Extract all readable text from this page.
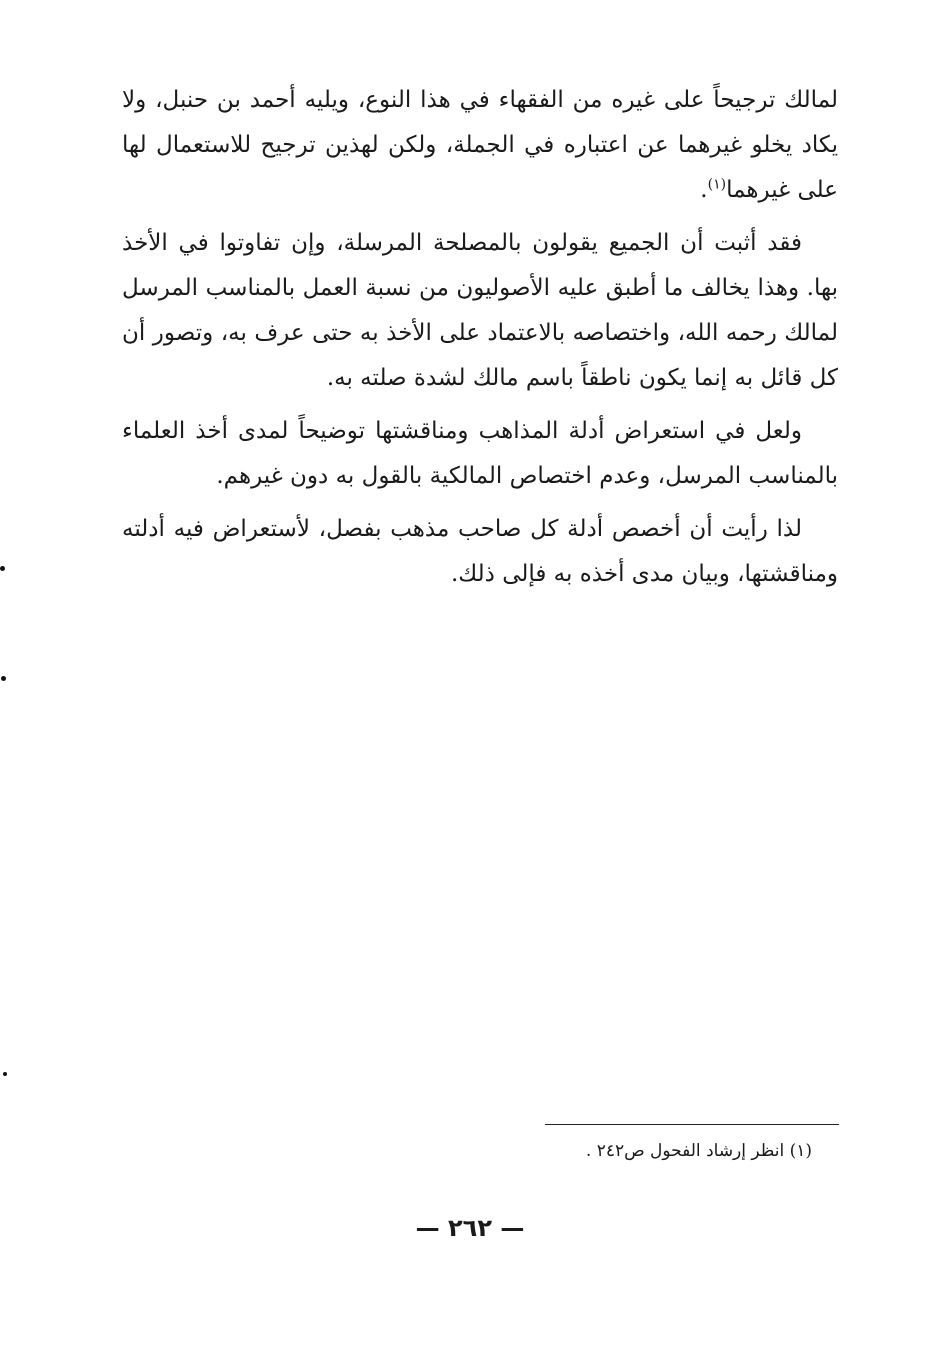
لمالك ترجيحاً على غيره من الفقهاء في هذا النوع، ويليه أحمد بن حنبل، ولا يكاد يخلو غيرهما عن اعتباره في الجملة، ولكن لهذين ترجيح للاستعمال لها على غيرهما$^{(١)}$.

فقد أثبت أن الجميع يقولون بالمصلحة المرسلة، وإن تفاوتوا في الأخذ بها. وهذا يخالف ما أطبق عليه الأصوليون من نسبة العمل بالمناسب المرسل لمالك رحمه الله، واختصاصه بالاعتماد على الأخذ به حتى عرف به، وتصور أن كل قائل به إنما يكون ناطقاً باسم مالك لشدة صلته به.

ولعل في استعراض أدلة المذاهب ومناقشتها توضيحاً لمدى أخذ العلماء بالمناسب المرسل، وعدم اختصاص المالكية بالقول به دون غيرهم.

لذا رأيت أن أخصص أدلة كل صاحب مذهب بفصل، لأستعراض فيه أدلته ومناقشتها، وبيان مدى أخذه به فإلى ذلك.

(١) انظر إرشاد الفحول ص٢٤٢ .
— ٢٦٢ —
